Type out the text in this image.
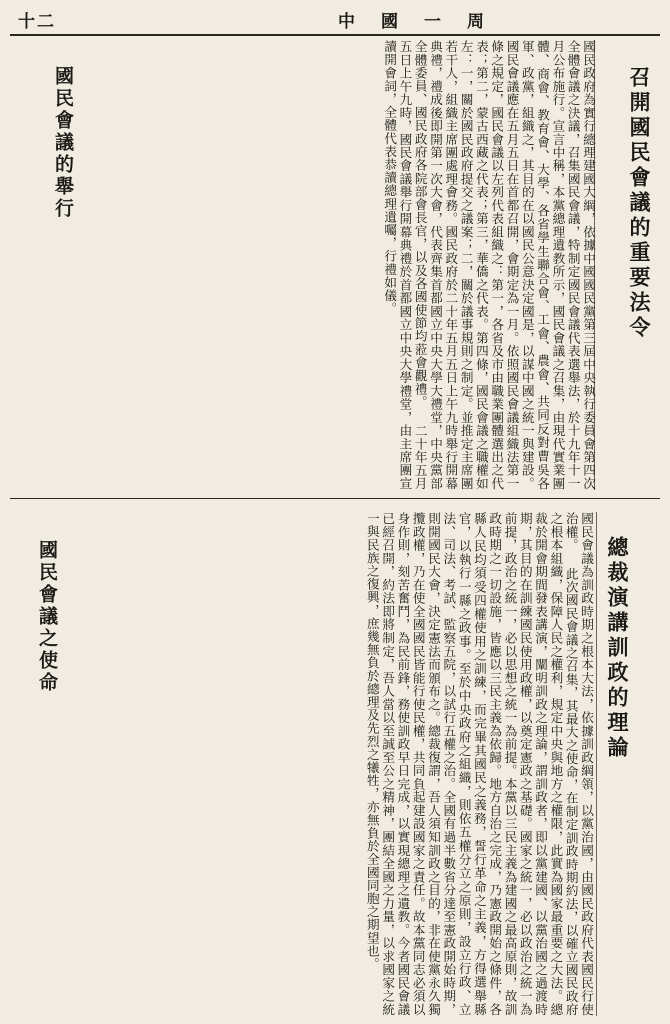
十二	中國一周
召開國民會議的重要法令
國民政府為實行總理建國大綱，依據中國國民黨第三屆中央執行委員會第四次全體會議之決議，召集國民會議，特制定國民會議代表選舉法，於十九年十一月公布施行。宣言中稱，本黨總理遺教所示，國民會議之召集，由現代實業團體、商會、教育會、大學、各省學生聯合會、工會、農會、共同反對曹吳各軍、政黨，組織之，其目的在以國民公意決定國是，以謀中國之統一與建設。國民會議應在五月五日在首都召開，會期定為一月。依照國民會議組織法第一條之規定，國民會議以左列代表組織之：第一，各省及市由職業團體選出之代表；第二，蒙古西藏之代表；第三，華僑之代表。第四條，國民會議之職權如左：一，關於國民政府提交之議案；二，關於議事規則之制定。並推定主席團若干人，組織主席團處理會務。國民政府於二十年五月五日上午九時舉行開幕典禮，禮成後即開第一次大會，代表齊集首都國立中央大學大禮堂，中央黨部全體委員、國民政府各院部會長官，以及各國使節均蒞會觀禮。 二十年五月五日上午九時，國民會議舉行開幕典禮於首都國立中央大學禮堂，由主席團宣讀開會詞，全體代表恭讀總理遺囑，行禮如儀。
國民會議的舉行
總裁演講訓政的理論
國民會議為訓政時期之根本大法，依據訓政綱領，以黨治國，由國民政府代表國民行使治權。 此次國民會議之召集，其最大之使命，在制定訓政時期約法，以確立國民政府之根本組織，保障人民之權利，規定中央與地方之權限，此實為國家最重要之大法。總裁於開會期間發表講演，闡明訓政之理論，謂訓政者，即以黨建國、以黨治國之過渡時期，其目的在訓練國民使用政權，以奠定憲政之基礎。國家之統一，必以政治之統一為前提，政治之統一，必以思想之統一為前提。本黨以三民主義為建國之最高原則，故訓政時期之一切設施，皆應以三民主義為依歸。地方自治之完成，乃憲政開始之條件，各縣人民均須受四權使用之訓練，而完畢其國民之義務，誓行革命之主義，方得選舉縣官，以執行一縣之政事。至於中央政府之組織，則依五權分立之原則，設立行政、立法、司法、考試、監察五院，以試行五權之治。全國有過半數省分達至憲政開始時期，則開國民大會，決定憲法而頒布之。總裁復謂，吾人須知訓政之目的，非在使黨永久獨攬政權，乃在使全國國民皆能行使民權，共同負起建設國家之責任。故本黨同志必須以身作則，刻苦奮鬥，為民前鋒，務使訓政早日完成，以實現總理之遺教。今者國民會議已經召開，約法即將制定，吾人當以至誠至公之精神，團結全國之力量，以求國家之統一與民族之復興，庶幾無負於總理及先烈之犧牲，亦無負於全國同胞之期望也。
國民會議之使命
